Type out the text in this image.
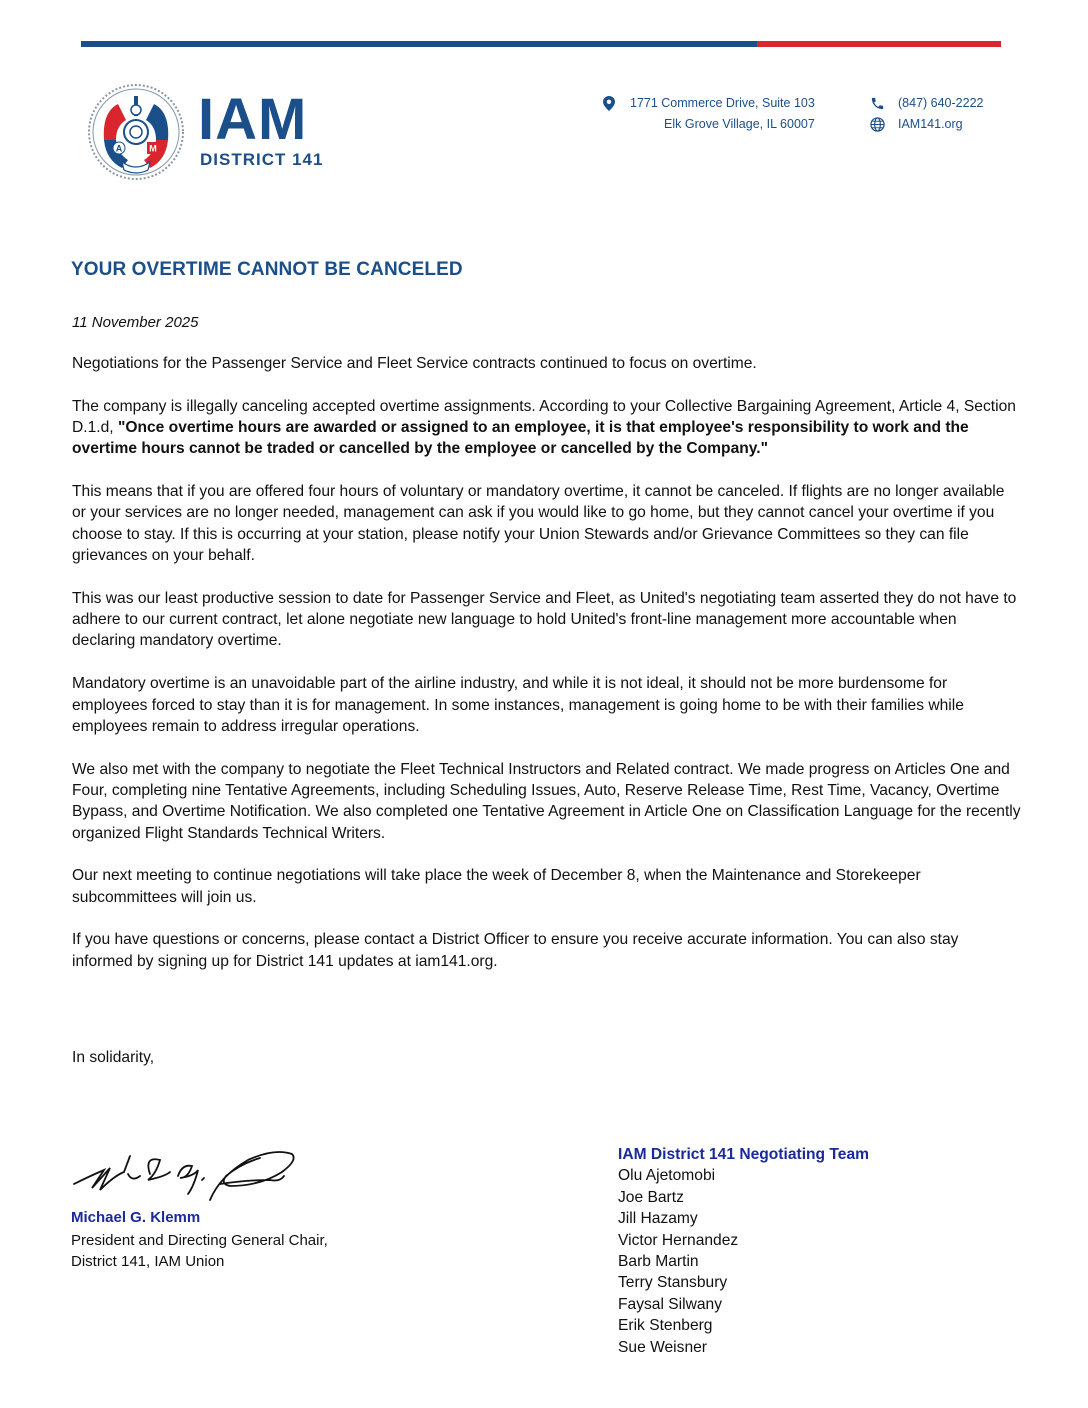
A	M IAM
DISTRICT 141
1771 Commerce Drive, Suite 103
Elk Grove Village, IL 60007
(847) 640-2222
IAM141.org
YOUR OVERTIME CANNOT BE CANCELED
11 November 2025

Negotiations for the Passenger Service and Fleet Service contracts continued to focus on overtime.

The company is illegally canceling accepted overtime assignments. According to your Collective Bargaining Agreement, Article 4, Section D.1.d, "Once overtime hours are awarded or assigned to an employee, it is that employee's responsibility to work and the overtime hours cannot be traded or cancelled by the employee or cancelled by the Company."

This means that if you are offered four hours of voluntary or mandatory overtime, it cannot be canceled. If flights are no longer available or your services are no longer needed, management can ask if you would like to go home, but they cannot cancel your overtime if you choose to stay. If this is occurring at your station, please notify your Union Stewards and/or Grievance Committees so they can file grievances on your behalf.

This was our least productive session to date for Passenger Service and Fleet, as United's negotiating team asserted they do not have to adhere to our current contract, let alone negotiate new language to hold United's front-line management more accountable when declaring mandatory overtime.

Mandatory overtime is an unavoidable part of the airline industry, and while it is not ideal, it should not be more burdensome for employees forced to stay than it is for management. In some instances, management is going home to be with their families while employees remain to address irregular operations.

We also met with the company to negotiate the Fleet Technical Instructors and Related contract. We made progress on Articles One and Four, completing nine Tentative Agreements, including Scheduling Issues, Auto, Reserve Release Time, Rest Time, Vacancy, Overtime Bypass, and Overtime Notification. We also completed one Tentative Agreement in Article One on Classification Language for the recently organized Flight Standards Technical Writers.

Our next meeting to continue negotiations will take place the week of December 8, when the Maintenance and Storekeeper subcommittees will join us.

If you have questions or concerns, please contact a District Officer to ensure you receive accurate information. You can also stay informed by signing up for District 141 updates at iam141.org.

In solidarity,
Michael G. Klemm
President and Directing General Chair,
District 141, IAM Union
IAM District 141 Negotiating Team
Olu Ajetomobi
Joe Bartz
Jill Hazamy
Victor Hernandez
Barb Martin
Terry Stansbury
Faysal Silwany
Erik Stenberg
Sue Weisner
